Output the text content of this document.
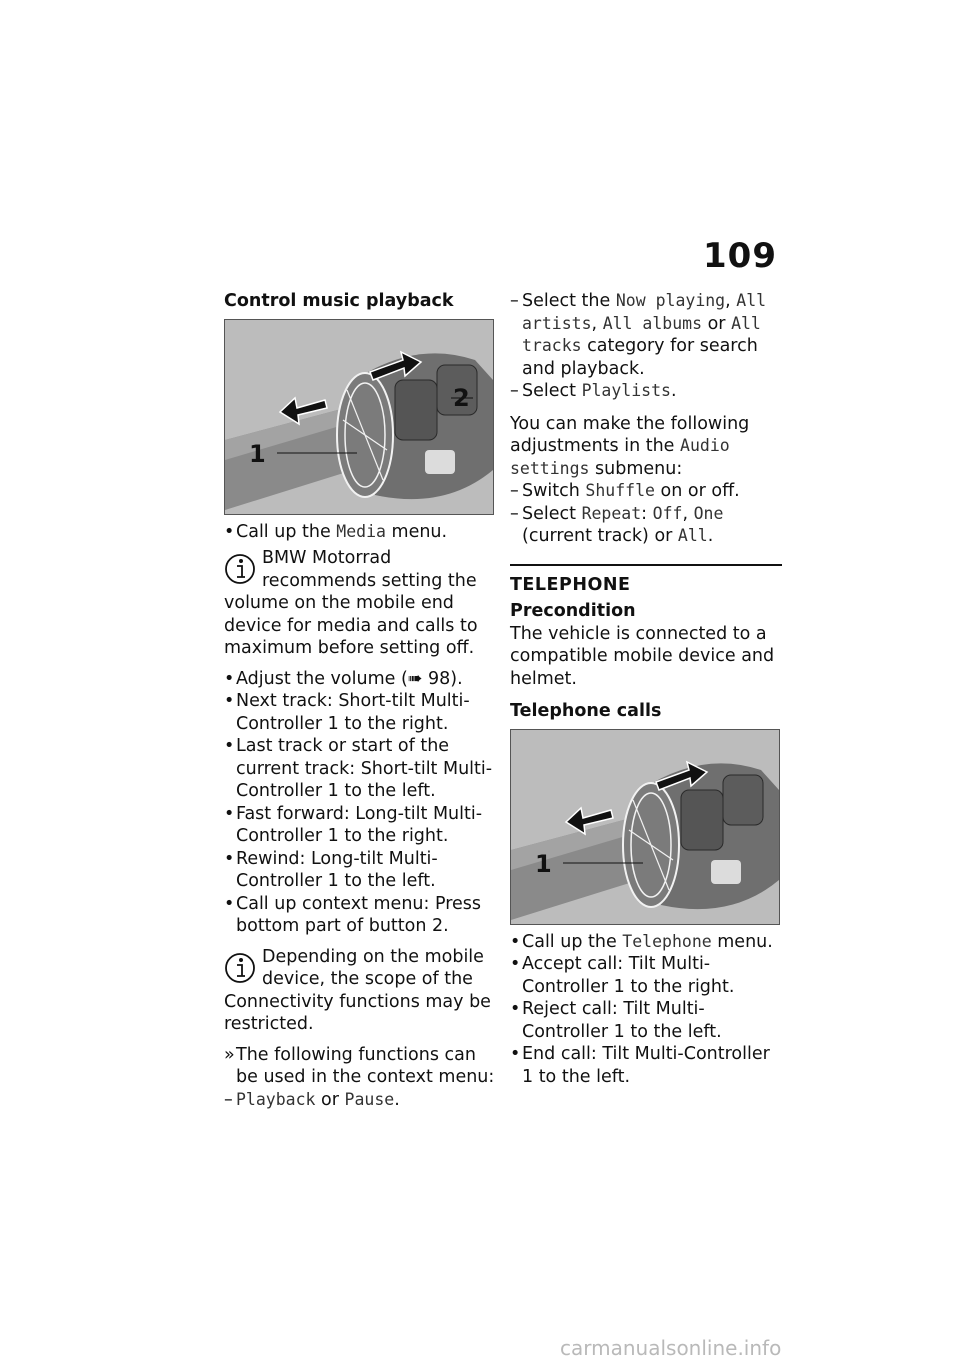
109
Control music playback
1
2

• Call up the Media menu.

BMW Motorrad recommends setting the volume on the mobile end device for media and calls to maximum before setting off.

• Adjust the volume (➠ 98).

• Next track: Short-tilt Multi-Controller 1 to the right.

• Last track or start of the current track: Short-tilt Multi-Controller 1 to the left.

• Fast forward: Long-tilt Multi-Controller 1 to the right.

• Rewind: Long-tilt Multi-Controller 1 to the left.

• Call up context menu: Press bottom part of button 2.

Depending on the mobile device, the scope of the Connectivity functions may be restricted.

» The following functions can be used in the context menu:

– Playback or Pause.

– Select the Now playing, All artists, All albums or All tracks category for search and playback.

– Select Playlists.

You can make the following adjustments in the Audio settings submenu:

– Switch Shuffle on or off.

– Select Repeat: Off, One (current track) or All.

TELEPHONE
Precondition

The vehicle is connected to a compatible mobile device and helmet.

Telephone calls
1

• Call up the Telephone menu.

• Accept call: Tilt Multi-Controller 1 to the right.

• Reject call: Tilt Multi-Controller 1 to the left.

• End call: Tilt Multi-Controller 1 to the left.

carmanualsonline.info
